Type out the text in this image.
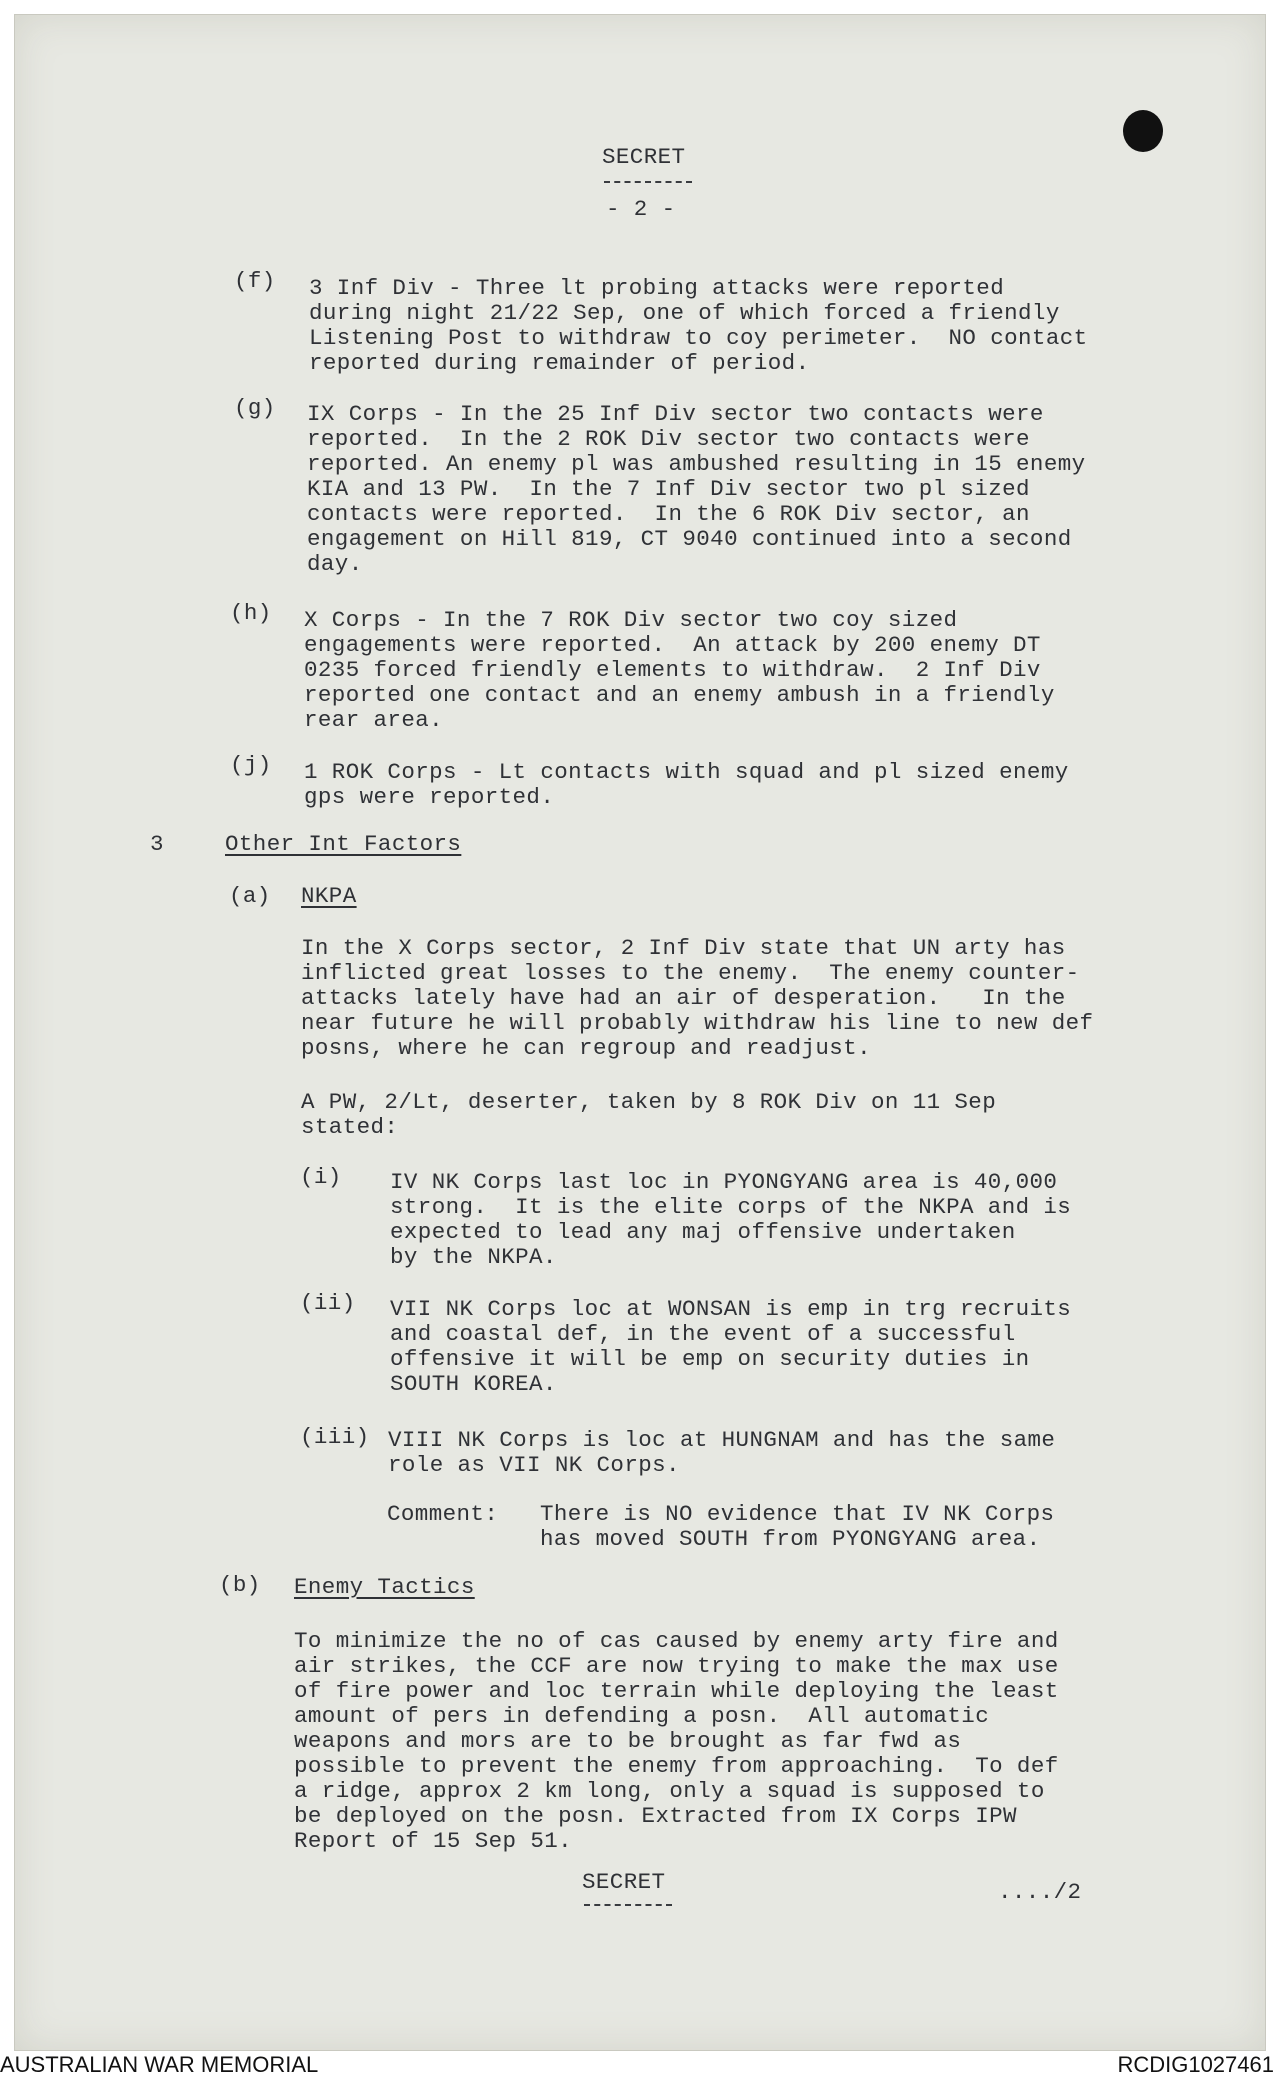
SECRET
- 2 -
(f) 3 Inf Div - Three lt probing attacks were reported
during night 21/22 Sep, one of which forced a friendly
Listening Post to withdraw to coy perimeter.  NO contact
reported during remainder of period.
(g) IX Corps - In the 25 Inf Div sector two contacts were
reported.  In the 2 ROK Div sector two contacts were
reported. An enemy pl was ambushed resulting in 15 enemy
KIA and 13 PW.  In the 7 Inf Div sector two pl sized
contacts were reported.  In the 6 ROK Div sector, an
engagement on Hill 819, CT 9040 continued into a second
day.
(h) X Corps - In the 7 ROK Div sector two coy sized
engagements were reported.  An attack by 200 enemy DT
0235 forced friendly elements to withdraw.  2 Inf Div
reported one contact and an enemy ambush in a friendly
rear area.
(j) 1 ROK Corps - Lt contacts with squad and pl sized enemy
gps were reported.
3	Other Int Factors
(a) NKPA
In the X Corps sector, 2 Inf Div state that UN arty has
inflicted great losses to the enemy.  The enemy counter-
attacks lately have had an air of desperation.   In the
near future he will probably withdraw his line to new def
posns, where he can regroup and readjust.
A PW, 2/Lt, deserter, taken by 8 ROK Div on 11 Sep
stated:
(i) IV NK Corps last loc in PYONGYANG area is 40,000
strong.  It is the elite corps of the NKPA and is
expected to lead any maj offensive undertaken
by the NKPA.
(ii) VII NK Corps loc at WONSAN is emp in trg recruits
and coastal def, in the event of a successful
offensive it will be emp on security duties in
SOUTH KOREA.
(iii) VIII NK Corps is loc at HUNGNAM and has the same
role as VII NK Corps.
Comment: There is NO evidence that IV NK Corps
has moved SOUTH from PYONGYANG area.
(b) Enemy Tactics
To minimize the no of cas caused by enemy arty fire and
air strikes, the CCF are now trying to make the max use
of fire power and loc terrain while deploying the least
amount of pers in defending a posn.  All automatic
weapons and mors are to be brought as far fwd as
possible to prevent the enemy from approaching.  To def
a ridge, approx 2 km long, only a squad is supposed to
be deployed on the posn. Extracted from IX Corps IPW
Report of 15 Sep 51.
SECRET	..../2
AUSTRALIAN WAR MEMORIAL	RCDIG1027461
